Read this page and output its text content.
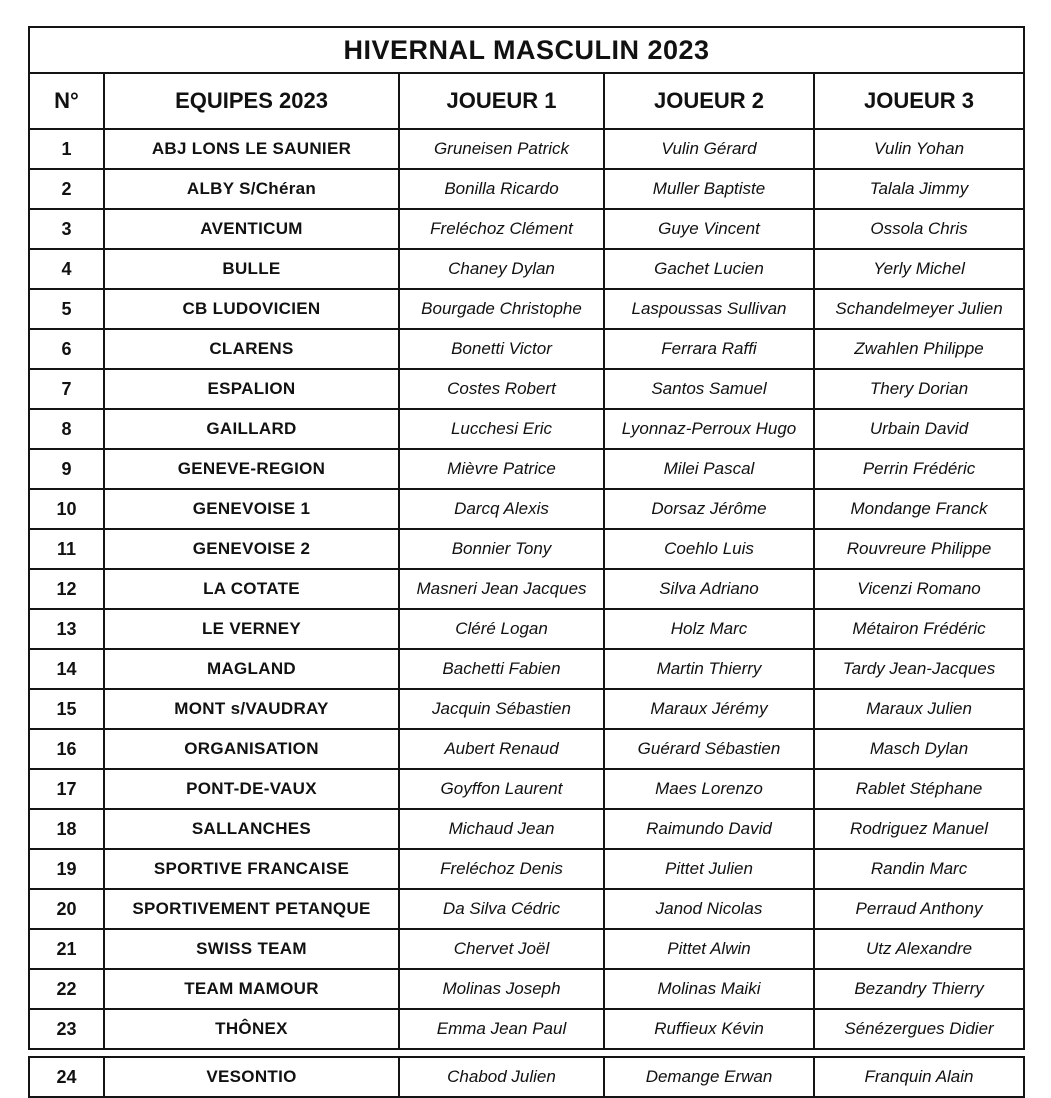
HIVERNAL MASCULIN 2023				
N°	EQUIPES 2023	JOUEUR 1	JOUEUR 2	JOUEUR 3
1	ABJ LONS LE SAUNIER	Gruneisen Patrick	Vulin Gérard	Vulin Yohan
2	ALBY S/Chéran	Bonilla Ricardo	Muller Baptiste	Talala Jimmy
3	AVENTICUM	Freléchoz Clément	Guye Vincent	Ossola Chris
4	BULLE	Chaney Dylan	Gachet Lucien	Yerly Michel
5	CB LUDOVICIEN	Bourgade Christophe	Laspoussas Sullivan	Schandelmeyer Julien
6	CLARENS	Bonetti Victor	Ferrara Raffi	Zwahlen Philippe
7	ESPALION	Costes Robert	Santos Samuel	Thery Dorian
8	GAILLARD	Lucchesi Eric	Lyonnaz-Perroux Hugo	Urbain David
9	GENEVE-REGION	Mièvre Patrice	Milei Pascal	Perrin Frédéric
10	GENEVOISE 1	Darcq Alexis	Dorsaz Jérôme	Mondange Franck
11	GENEVOISE 2	Bonnier Tony	Coehlo Luis	Rouvreure Philippe
12	LA COTATE	Masneri Jean Jacques	Silva Adriano	Vicenzi Romano
13	LE VERNEY	Cléré Logan	Holz Marc	Métairon Frédéric
14	MAGLAND	Bachetti Fabien	Martin Thierry	Tardy Jean-Jacques
15	MONT s/VAUDRAY	Jacquin Sébastien	Maraux Jérémy	Maraux Julien
16	ORGANISATION	Aubert Renaud	Guérard Sébastien	Masch Dylan
17	PONT-DE-VAUX	Goyffon Laurent	Maes Lorenzo	Rablet Stéphane
18	SALLANCHES	Michaud Jean	Raimundo David	Rodriguez Manuel
19	SPORTIVE FRANCAISE	Freléchoz Denis	Pittet Julien	Randin Marc
20	SPORTIVEMENT PETANQUE	Da Silva Cédric	Janod Nicolas	Perraud Anthony
21	SWISS TEAM	Chervet Joël	Pittet Alwin	Utz Alexandre
22	TEAM MAMOUR	Molinas Joseph	Molinas Maiki	Bezandry Thierry
23	THÔNEX	Emma Jean Paul	Ruffieux Kévin	Sénézergues Didier
24	VESONTIO	Chabod Julien	Demange Erwan	Franquin Alain
